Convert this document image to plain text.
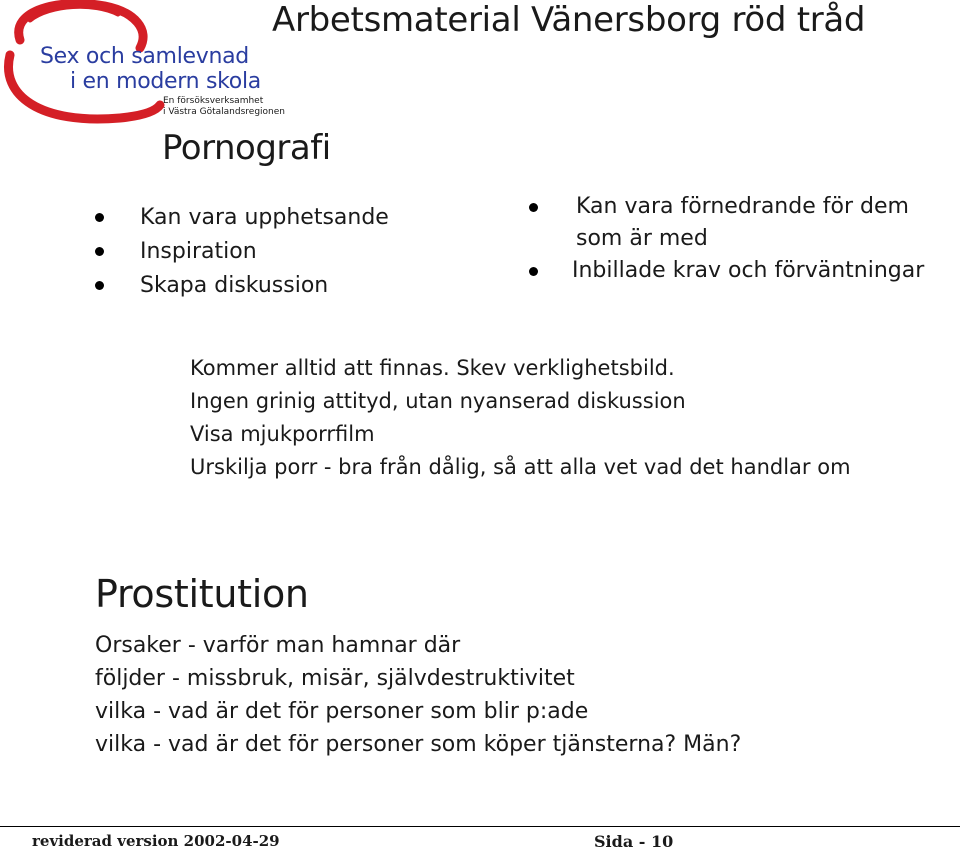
Sex och samlevnad
i en modern skola
En försöksverksamhet
i Västra Götalandsregionen
Arbetsmaterial Vänersborg röd tråd
Pornografi
Kan vara upphetsande
Inspiration
Skapa diskussion
Kan vara förnedrande för dem
som är med
Inbillade krav och förväntningar
Kommer alltid att finnas. Skev verklighetsbild.
Ingen grinig attityd, utan nyanserad diskussion
Visa mjukporrfilm
Urskilja porr - bra från dålig, så att alla vet vad det handlar om
Prostitution
Orsaker - varför man hamnar där
följder - missbruk, misär, självdestruktivitet
vilka - vad är det för personer som blir p:ade
vilka - vad är det för personer som köper tjänsterna? Män?
reviderad version 2002-04-29	Sida - 10
